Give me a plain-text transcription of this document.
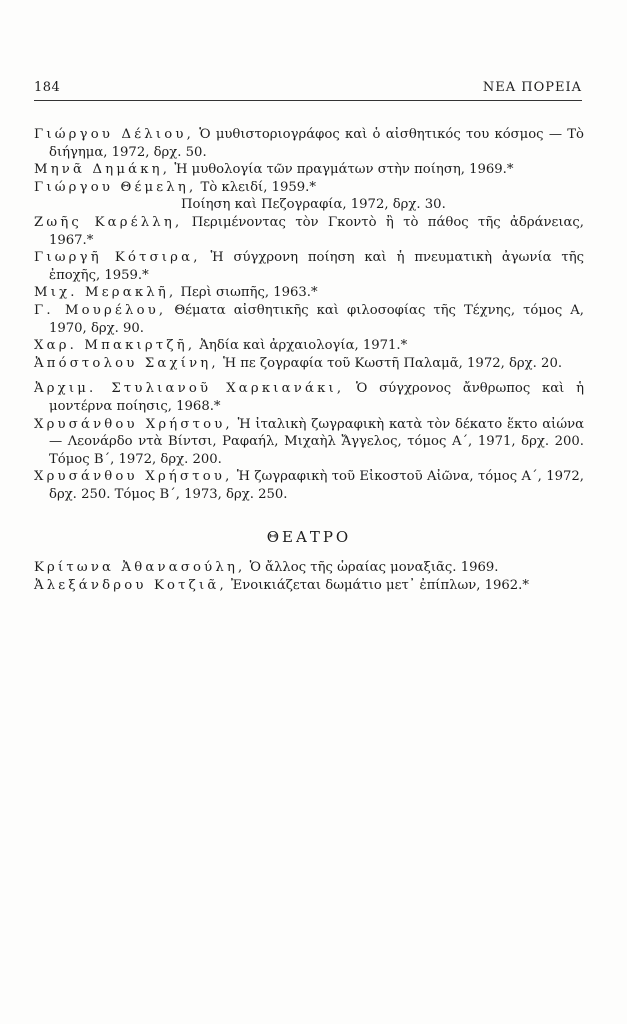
184	ΝΕΑ ΠΟΡΕΙΑ

Γιώργου Δέλιου, Ὁ μυθιστοριογράφος καὶ ὁ αἰσθητικός του κόσμος — Τὸ διήγημα, 1972, δρχ. 50.

Μηνᾶ Δημάκη, Ἡ μυθολογία τῶν πραγμάτων στὴν ποίηση, 1969.*

Γιώργου Θέμελη, Τὸ κλειδί, 1959.*

Ποίηση καὶ Πεζογραφία, 1972, δρχ. 30.

Ζωῆς Καρέλλη, Περιμένοντας τὸν Γκοντὸ ἢ τὸ πάθος τῆς ἀδράνειας, 1967.*

Γιωργῆ Κότσιρα, Ἡ σύγχρονη ποίηση καὶ ἡ πνευματικὴ ἀγωνία τῆς ἐποχῆς, 1959.*

Μιχ. Μερακλῆ, Περὶ σιωπῆς, 1963.*

Γ. Μουρέλου, Θέματα αἰσθητικῆς καὶ φιλοσοφίας τῆς Τέχνης, τόμος Α, 1970, δρχ. 90.

Χαρ. Μπακιρτζῆ, Ἀηδία καὶ ἀρχαιολογία, 1971.*

Ἀπόστολου Σαχίνη, Ἡ πε ζογραφία τοῦ Κωστῆ Παλαμᾶ, 1972, δρχ. 20.

Ἀρχιμ. Στυλιανοῦ Χαρκιανάκι, Ὁ σύγχρονος ἄνθρωπος καὶ ἡ μοντέρνα ποίησις, 1968.*

Χρυσάνθου Χρήστου, Ἡ ἰταλικὴ ζωγραφικὴ κατὰ τὸν δέκατο ἕκτο αἰώνα — Λεονάρδο ντὰ Βίντσι, Ραφαήλ, Μιχαὴλ Ἄγγελος, τόμος Α΄, 1971, δρχ. 200. Τόμος Β΄, 1972, δρχ. 200.

Χρυσάνθου Χρήστου, Ἡ ζωγραφικὴ τοῦ Εἰκοστοῦ Αἰῶνα, τόμος Α΄, 1972, δρχ. 250. Τόμος Β΄, 1973, δρχ. 250.

ΘΕΑΤΡΟ

Κρίτωνα Ἀθανασούλη, Ὁ ἄλλος τῆς ὡραίας μοναξιᾶς. 1969.

Ἀλεξάνδρου Κοτζιᾶ, Ἐνοικιάζεται δωμάτιο μετ᾽ ἐπίπλων, 1962.*
